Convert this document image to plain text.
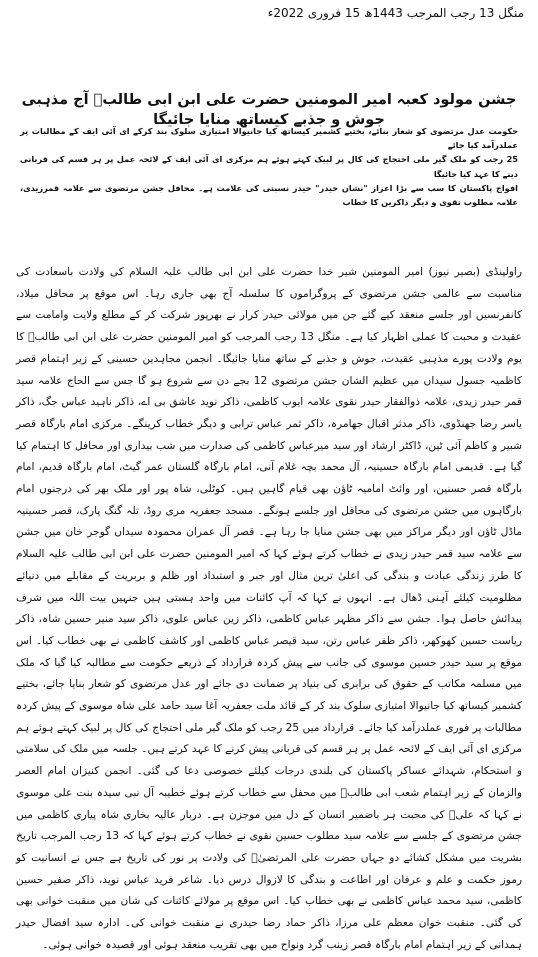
منگل 13 رجب المرجب 1443ھ 15 فروری 2022ء
جشن مولود کعبہ امیر المومنین حضرت علی ابن ابی طالبؑ آج مذہبی جوش و جذبے کیساتھ منایا جائیگا

حکومت عدل مرتضوی کو شعار بنائے، بختیے کشمیر کیساتھ کیا جانیوالا امتیازی سلوک بند کرکے ای آئی ایف کے مطالبات پر عملدرآمد کیا جائے

25 رجب کو ملک گیر ملی احتجاج کی کال پر لبیک کہتے ہوئے ہم مرکزی ای آئی ایف کے لائحہ عمل پر ہر قسم کی قربانی دینے کا عہد کیا جائیگا

افواج پاکستان کا سب سے بڑا اعزاز "نشان حیدر" حیدر نسبتی کی علامت ہے۔ محافل جشن مرتضوی سے علامہ قمرزیدی، علامہ مطلوب نقوی و دیگر ذاکرین کا خطاب

راولپنڈی (بصیر نیوز) امیر المومنین شیر خدا حضرت علی ابن ابی طالب علیہ السلام کی ولادت باسعادت کی مناسبت سے عالمی جشن مرتضوی کے پروگراموں کا سلسلہ آج بھی جاری رہا۔ اس موقع پر محافل میلاد، کانفرنسیں اور جلسے منعقد کیے گئے جن میں مولائی حیدر کرار نے بھرپور شرکت کر کے مطلع ولایت وامامت سے عقیدت و محبت کا عملی اظہار کیا ہے۔ منگل 13 رجب المرجب کو امیر المومنین حضرت علی ابن ابی طالبؑ کا یوم ولادت پورے مذہبی عقیدت، جوش و جذبے کے ساتھ منایا جائیگا۔ انجمن مجاہدین حسینی کے زیر اہتمام قصر کاظمیہ جسول سیداں میں عظیم الشان جشن مرتضوی 12 بجے دن سے شروع ہو گا جس سے الحاج علامہ سید قمر حیدر زیدی، علامہ ذوالفقار حیدر نقوی علامہ ایوب کاظمی، ذاکر نوید عاشق بی اے، ذاکر ناہید عباس جگ، ذاکر یاسر رضا جھنڈوی، ذاکر مدثر اقبال جھامرہ، ذاکر ثمر عباس ترابی و دیگر خطاب کرینگے۔ مرکزی امام بارگاہ قصر شبیر و کاظم آئی ٹین، ڈاکٹر ارشاد اور سید میرعباس کاظمی کی صدارت میں شب بیداری اور محافل کا اہتمام کیا گیا ہے۔ قدیمی امام بارگاہ حسینیہ، آل محمد بچہ غلام آنی، امام بارگاہ گلستان عمر گیٹ، امام بارگاہ قدیم، امام بارگاہ قصر حسنین، اور وائٹ امامیہ ٹاؤن بھی قیام گاہیں ہیں۔ کوٹلی، شاہ پور اور ملک بھر کی درجنوں امام بارگاہوں میں جشن مرتضوی کی محافل اور جلسے ہونگے۔ مسجد جعفریہ مری روڈ، تلہ گنگ پارک، قصر حسینیہ ماڈل ٹاؤن اور دیگر مراکز میں بھی جشن منایا جا رہا ہے۔ قصر آل عمران محمودہ سیداں گوجر خان میں جشن سے علامہ سید قمر حیدر زیدی نے خطاب کرتے ہوئے کہا کہ امیر المومنین حضرت علی ابن ابی طالب علیہ السلام کا طرز زندگی عبادت و بندگی کی اعلیٰ ترین مثال اور جبر و استبداد اور ظلم و بربریت کے مقابلے میں دنیائے مظلومیت کیلئے آہنی ڈھال ہے۔ انہوں نے کہا کہ آپ کائنات میں واحد ہستی ہیں جنہیں بیت اللہ میں شرف پیدائش حاصل ہوا۔ جشن سے ذاکر مظہر عباس کاظمی، ذاکر زین عباس علوی، ذاکر سید منیر حسین شاہ، ذاکر ریاست حسین کھوکھر، ذاکر ظفر عباس رتن، سید قیصر عباس کاظمی اور کاشف کاظمی نے بھی خطاب کیا۔ اس موقع پر سید حیدر حسین موسوی کی جانب سے پیش کردہ قرارداد کے ذریعے حکومت سے مطالبہ کیا گیا کہ ملک میں مسلمہ مکاتب کے حقوق کی برابری کی بنیاد پر ضمانت دی جائے اور عدل مرتضوی کو شعار بنایا جائے، بختیے کشمیر کیساتھ کیا جانیوالا امتیازی سلوک بند کر کے قائد ملت جعفریہ آغا سید حامد علی شاہ موسوی کے پیش کردہ مطالبات پر فوری عملدرآمد کیا جائے۔ قرارداد میں 25 رجب کو ملک گیر ملی احتجاج کی کال پر لبیک کہتے ہوئے ہم مرکزی ای آئی ایف کے لائحہ عمل پر ہر قسم کی قربانی پیش کرنے کا عہد کرتے ہیں۔ جلسہ میں ملک کی سلامتی و استحکام، شہدائے عساکر پاکستان کی بلندی درجات کیلئے خصوصی دعا کی گئی۔ انجمن کنیزان امام العصر والزمان کے زیر اہتمام شعب ابی طالبؑ میں محفل سے خطاب کرتے ہوئے خطیبہ آل نبی سیدہ بنت علی موسوی نے کہا کہ علیؑ کی محبت ہر باضمیر انسان کے دل میں موجزن ہے۔ دربار عالیہ بخاری شاہ پیاری کاظمی میں جشن مرتضوی کے جلسے سے علامہ سید مطلوب حسین نقوی نے خطاب کرتے ہوئے کہا کہ 13 رجب المرجب تاریخ بشریت میں مشکل کشائے دو جہاں حضرت علی المرتضیٰؑ کی ولادت پر نور کی تاریخ ہے جس نے انسانیت کو رموز حکمت و علم و عرفان اور اطاعت و بندگی کا لازوال درس دیا۔ شاعر فرید عباس نوید، ذاکر صفیر حسین کاظمی، سید محمد عباس کاظمی نے بھی خطاب کیا۔ اس موقع پر مولائے کائنات کی شان میں منقبت خوانی بھی کی گئی۔ منقبت خوان معظم علی مرزا، ذاکر حماد رضا حیدری نے منقبت خوانی کی۔ ادارہ سید افضال حیدر ہمدانی کے زیر اہتمام امام بارگاہ قصر زینب گرد ونواح میں بھی تقریب منعقد ہوئی اور قصیدہ خوانی ہوئی۔
